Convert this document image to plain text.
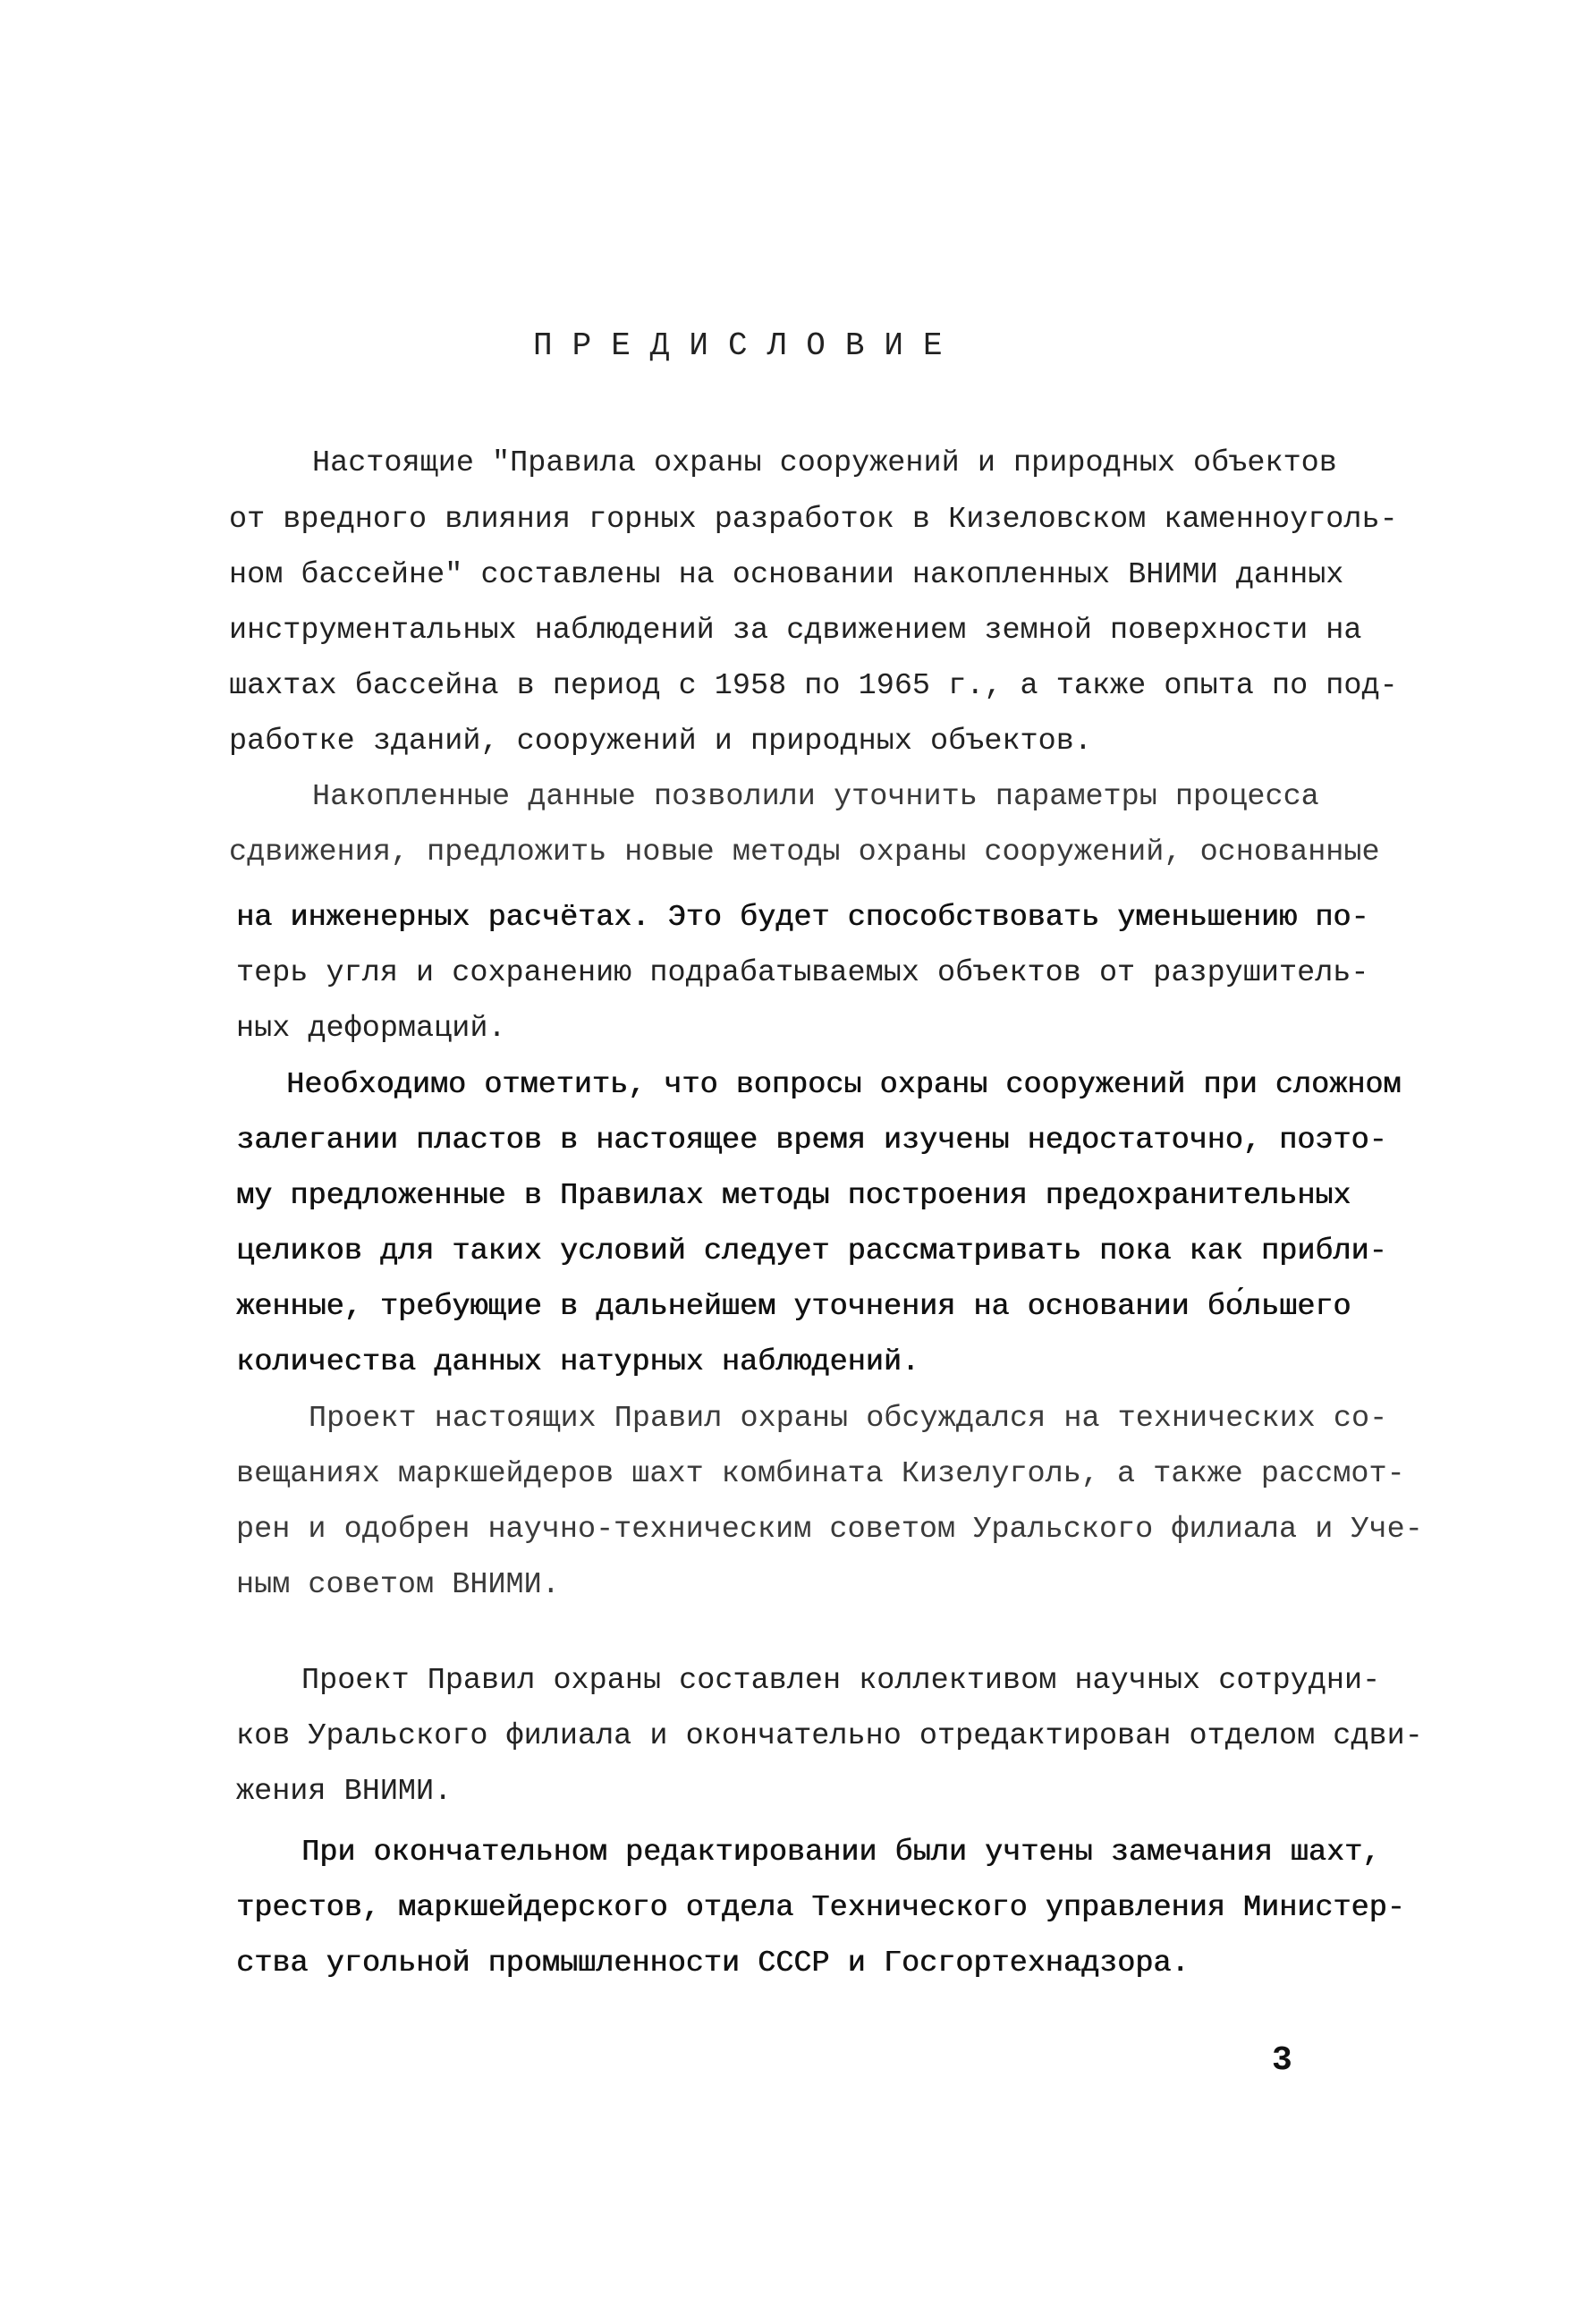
ПРЕДИСЛОВИЕ
Настоящие "Правила охраны сооружений и природных объектов
от вредного влияния горных разработок в Кизеловском каменноуголь-
ном бассейне" составлены на основании накопленных ВНИМИ данных
инструментальных наблюдений за сдвижением земной поверхности на
шахтах бассейна в период с 1958 по 1965 г., а также опыта по под-
работке зданий, сооружений и природных объектов.
Накопленные данные позволили уточнить параметры процесса
сдвижения, предложить новые методы охраны сооружений, основанные
на инженерных расчётах. Это будет способствовать уменьшению по-
терь угля и сохранению подрабатываемых объектов от разрушитель-
ных деформаций.
Необходимо отметить, что вопросы охраны сооружений при сложном
залегании пластов в настоящее время изучены недостаточно, поэто-
му предложенные в Правилах методы построения предохранительных
целиков для таких условий следует рассматривать пока как прибли-
женные, требующие в дальнейшем уточнения на основании бо́льшего
количества данных натурных наблюдений.
Проект настоящих Правил охраны обсуждался на технических со-
вещаниях маркшейдеров шахт комбината Кизелуголь, а также рассмот-
рен и одобрен научно-техническим советом Уральского филиала и Уче-
ным советом ВНИМИ.
Проект Правил охраны составлен коллективом научных сотрудни-
ков Уральского филиала и окончательно отредактирован отделом сдви-
жения ВНИМИ.
При окончательном редактировании были учтены замечания шахт,
трестов, маркшейдерского отдела Технического управления Министер-
ства угольной промышленности СССР и Госгортехнадзора.
3
